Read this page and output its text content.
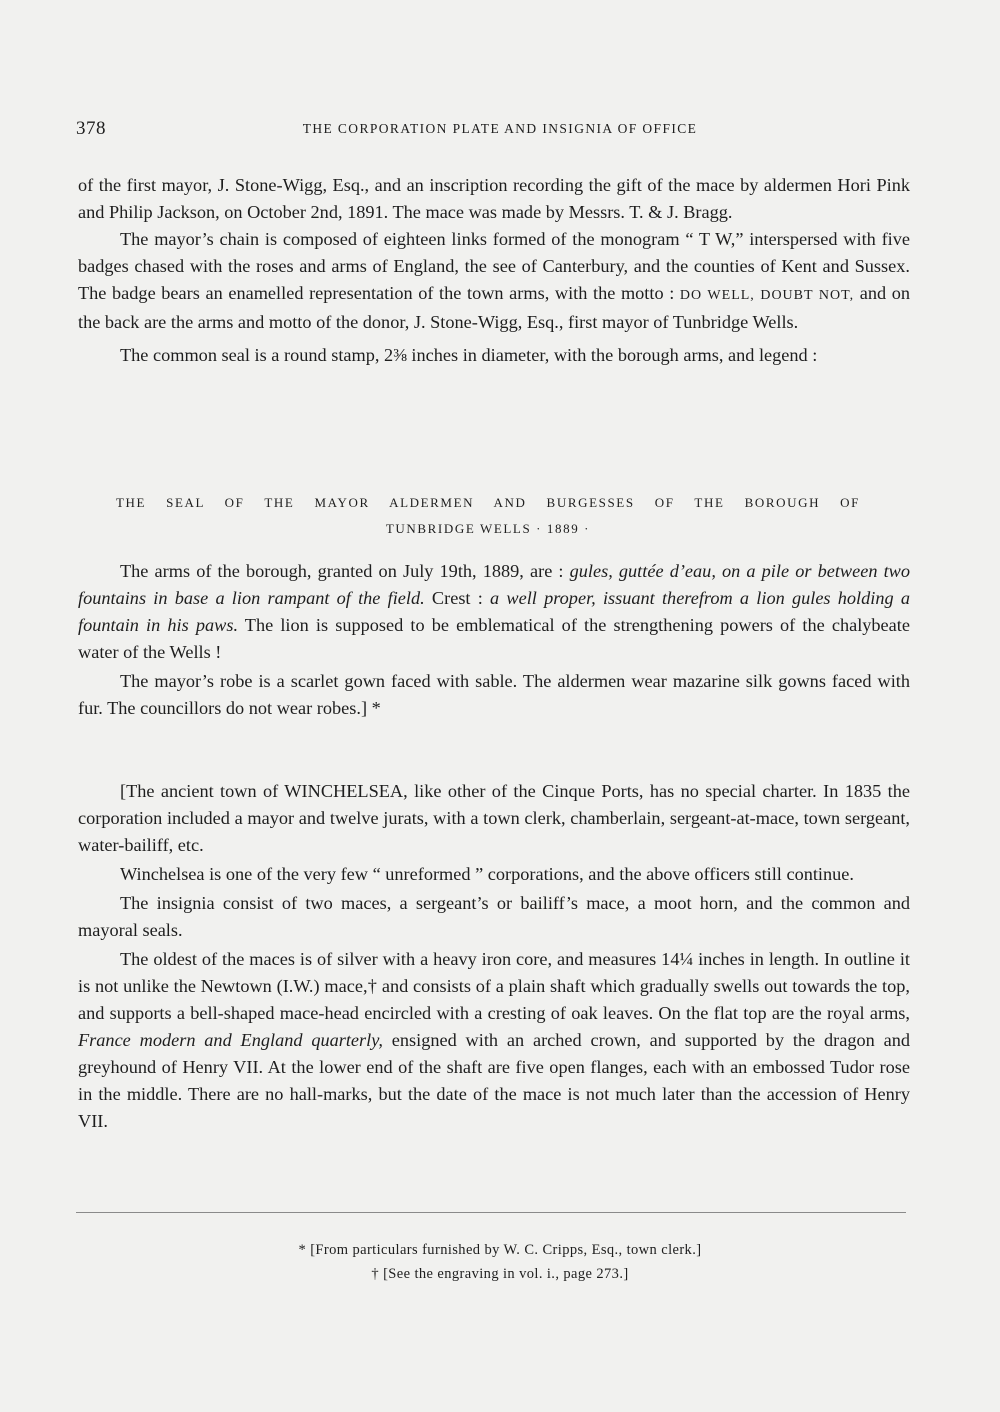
378	THE CORPORATION PLATE AND INSIGNIA OF OFFICE

of the first mayor, J. Stone-Wigg, Esq., and an inscription recording the gift of the mace by aldermen Hori Pink and Philip Jackson, on October 2nd, 1891. The mace was made by Messrs. T. & J. Bragg.

The mayor’s chain is composed of eighteen links formed of the monogram “ T W,” interspersed with five badges chased with the roses and arms of England, the see of Canterbury, and the counties of Kent and Sussex. The badge bears an enamelled representation of the town arms, with the motto : DO WELL, DOUBT NOT, and on the back are the arms and motto of the donor, J. Stone-Wigg, Esq., first mayor of Tunbridge Wells.

The common seal is a round stamp, 2⅜ inches in diameter, with the borough arms, and legend :

THE SEAL OF THE MAYOR ALDERMEN AND BURGESSES OF THE BOROUGH OF
TUNBRIDGE WELLS · 1889 ·

The arms of the borough, granted on July 19th, 1889, are : gules, guttée d’eau, on a pile or between two fountains in base a lion rampant of the field. Crest : a well proper, issuant therefrom a lion gules holding a fountain in his paws. The lion is supposed to be emblematical of the strengthening powers of the chalybeate water of the Wells !

The mayor’s robe is a scarlet gown faced with sable. The aldermen wear mazarine silk gowns faced with fur. The councillors do not wear robes.] *

[The ancient town of WINCHELSEA, like other of the Cinque Ports, has no special charter. In 1835 the corporation included a mayor and twelve jurats, with a town clerk, chamberlain, sergeant-at-mace, town sergeant, water-bailiff, etc.

Winchelsea is one of the very few “ unreformed ” corporations, and the above officers still continue.

The insignia consist of two maces, a sergeant’s or bailiff’s mace, a moot horn, and the common and mayoral seals.

The oldest of the maces is of silver with a heavy iron core, and measures 14¼ inches in length. In outline it is not unlike the Newtown (I.W.) mace,† and consists of a plain shaft which gradually swells out towards the top, and supports a bell-shaped mace-head encircled with a cresting of oak leaves. On the flat top are the royal arms, France modern and England quarterly, ensigned with an arched crown, and supported by the dragon and greyhound of Henry VII. At the lower end of the shaft are five open flanges, each with an embossed Tudor rose in the middle. There are no hall-marks, but the date of the mace is not much later than the accession of Henry VII.

* [From particulars furnished by W. C. Cripps, Esq., town clerk.]
† [See the engraving in vol. i., page 273.]
